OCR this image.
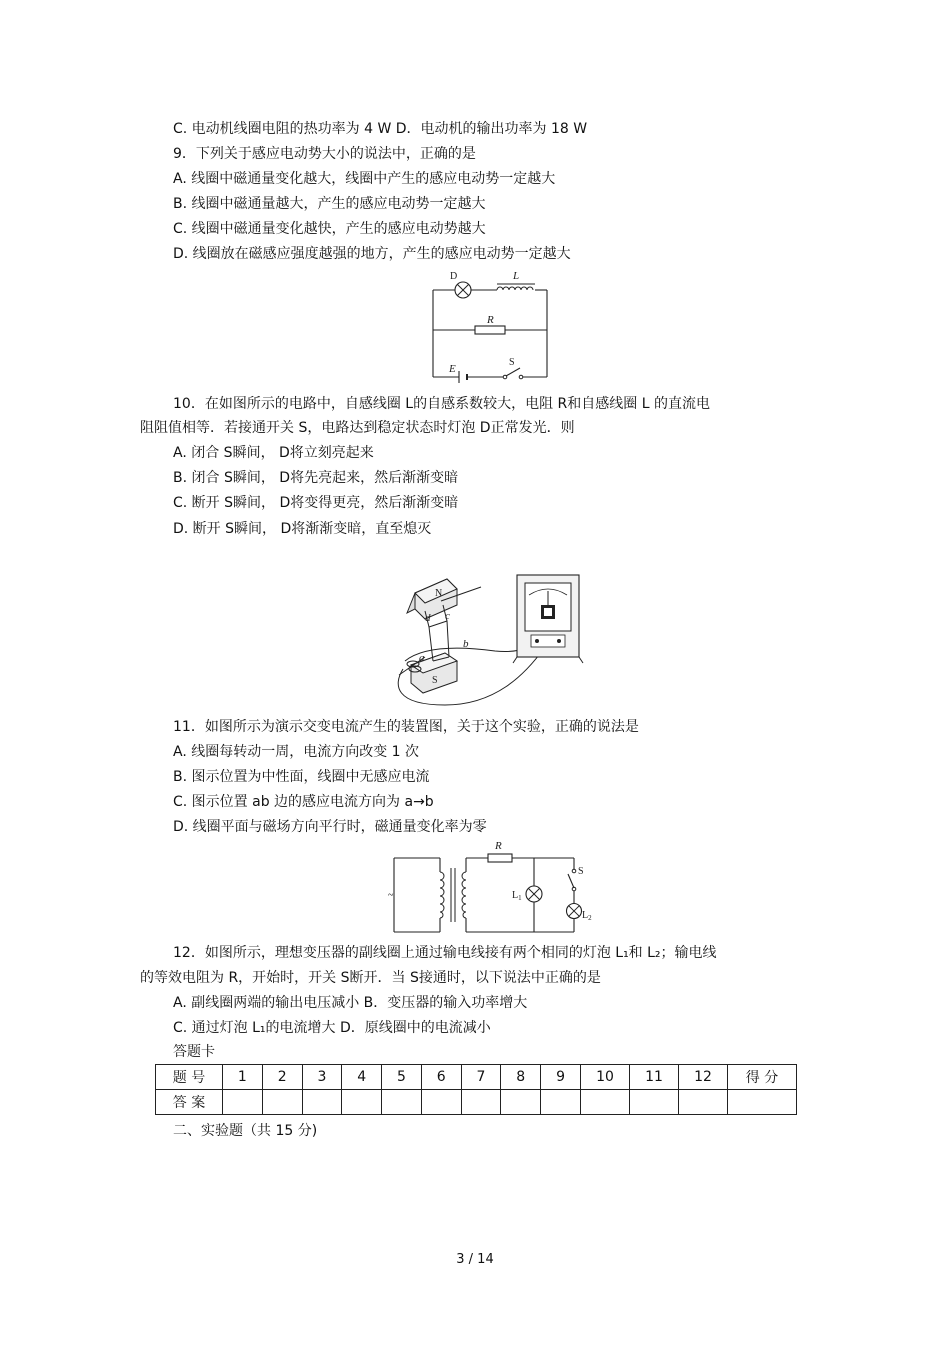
C. 电动机线圈电阻的热功率为 4 W D．电动机的输出功率为 18 W
9．下列关于感应电动势大小的说法中，正确的是
A. 线圈中磁通量变化越大，线圈中产生的感应电动势一定越大
B. 线圈中磁通量越大，产生的感应电动势一定越大
C. 线圈中磁通量变化越快，产生的感应电动势越大
D. 线圈放在磁感应强度越强的地方，产生的感应电动势一定越大
D	L
R
E
S
10．在如图所示的电路中，自感线圈 L的自感系数较大，电阻 R和自感线圈 L 的直流电
阻阻值相等．若接通开关 S，电路达到稳定状态时灯泡 D正常发光．则
A. 闭合 S瞬间， D将立刻亮起来
B. 闭合 S瞬间， D将先亮起来，然后渐渐变暗
C. 断开 S瞬间， D将变得更亮，然后渐渐变暗
D. 断开 S瞬间， D将渐渐变暗，直至熄灭
N
S
a
b
c
d
11．如图所示为演示交变电流产生的装置图，关于这个实验，正确的说法是
A. 线圈每转动一周，电流方向改变 1 次
B. 图示位置为中性面，线圈中无感应电流
C. 图示位置 ab 边的感应电流方向为 a→b
D. 线圈平面与磁场方向平行时，磁通量变化率为零
~
R
S
$L_1$
$L_2$
12．如图所示，理想变压器的副线圈上通过输电线接有两个相同的灯泡 L₁和 L₂；输电线
的等效电阻为 R，开始时，开关 S断开．当 S接通时，以下说法中正确的是
A. 副线圈两端的输出电压减小 B．变压器的输入功率增大
C. 通过灯泡 L₁的电流增大 D．原线圈中的电流减小
答题卡
题 号	1	2	3	4	5	6	7	8	9	10	11	12	得 分
答 案													
二、实验题（共 15 分)
3 / 14
